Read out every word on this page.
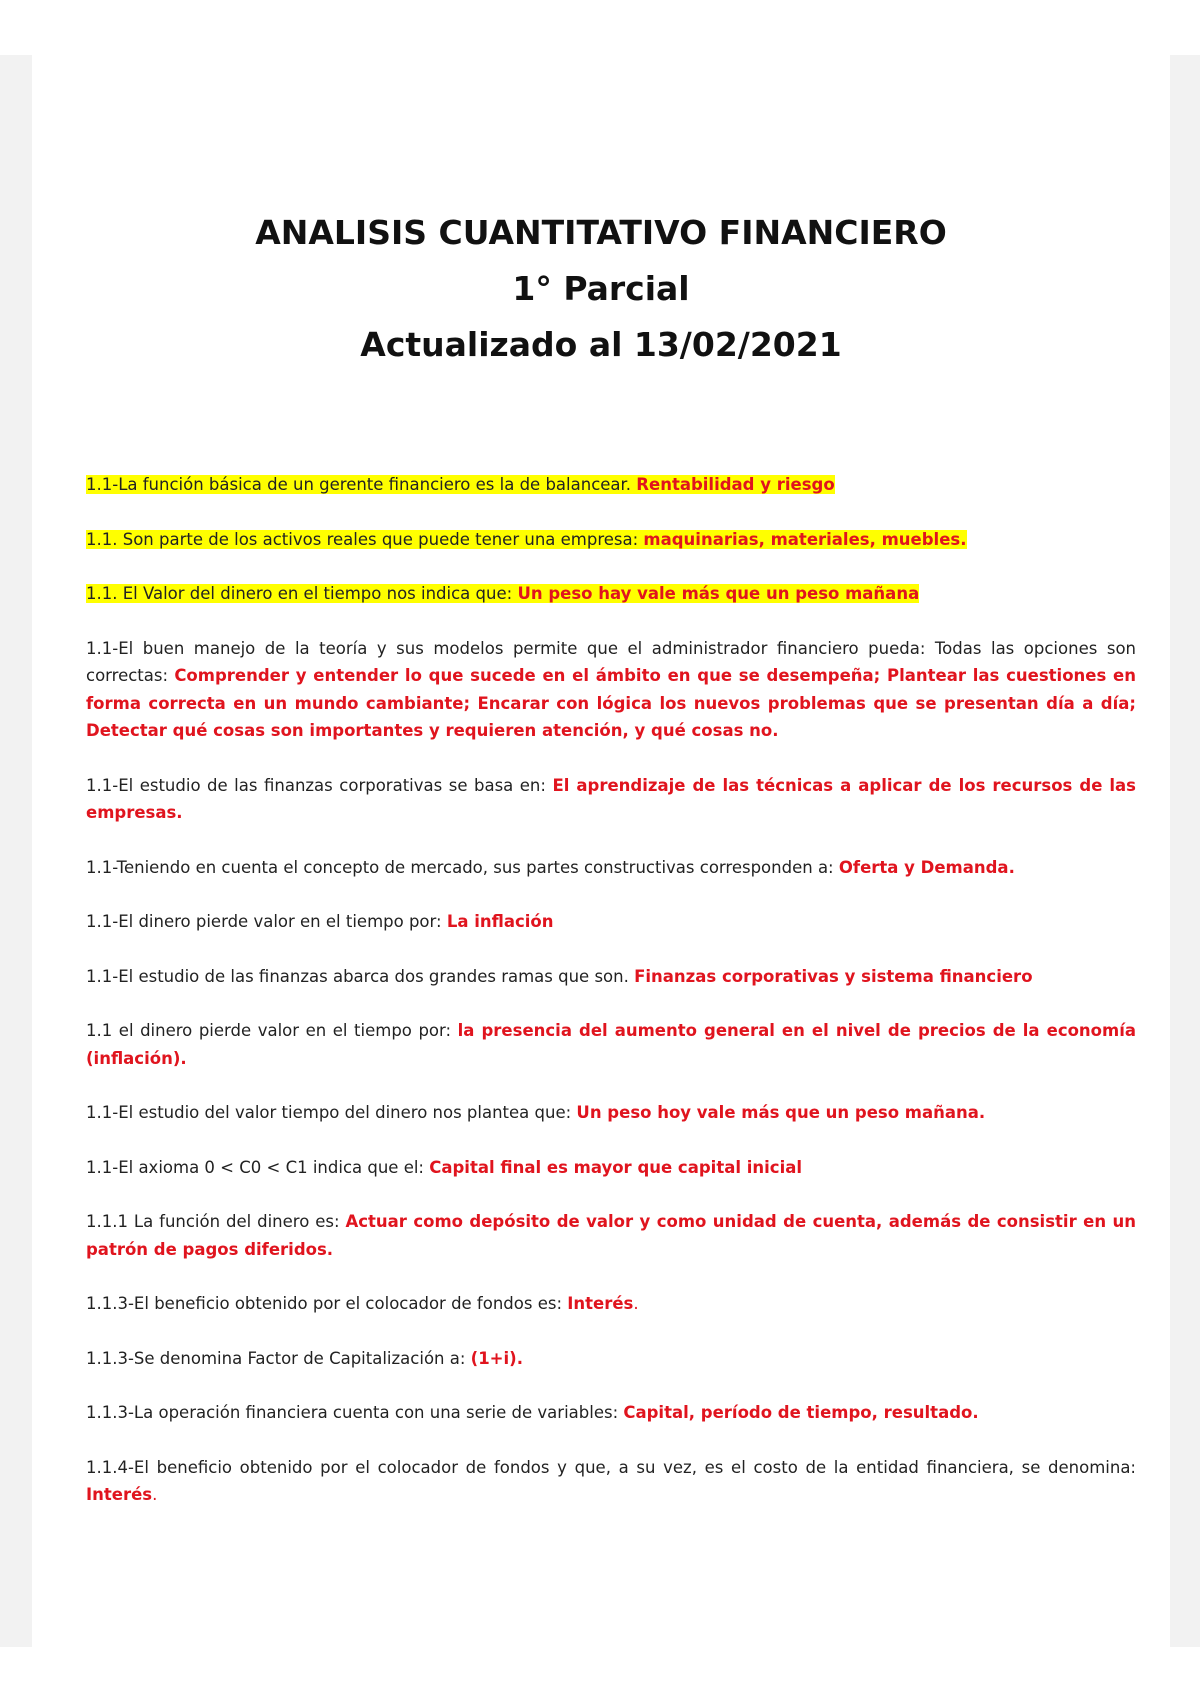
ANALISIS CUANTITATIVO FINANCIERO
1° Parcial
Actualizado al 13/02/2021

1.1-La función básica de un gerente financiero es la de balancear. Rentabilidad y riesgo

1.1. Son parte de los activos reales que puede tener una empresa: maquinarias, materiales, muebles.

1.1. El Valor del dinero en el tiempo nos indica que: Un peso hay vale más que un peso mañana

1.1-El buen manejo de la teoría y sus modelos permite que el administrador financiero pueda: Todas las opciones son correctas: Comprender y entender lo que sucede en el ámbito en que se desempeña; Plantear las cuestiones en forma correcta en un mundo cambiante; Encarar con lógica los nuevos problemas que se presentan día a día; Detectar qué cosas son importantes y requieren atención, y qué cosas no.

1.1-El estudio de las finanzas corporativas se basa en: El aprendizaje de las técnicas a aplicar de los recursos de las empresas.

1.1-Teniendo en cuenta el concepto de mercado, sus partes constructivas corresponden a: Oferta y Demanda.

1.1-El dinero pierde valor en el tiempo por: La inflación

1.1-El estudio de las finanzas abarca dos grandes ramas que son. Finanzas corporativas y sistema financiero

1.1 el dinero pierde valor en el tiempo por: la presencia del aumento general en el nivel de precios de la economía (inflación).

1.1-El estudio del valor tiempo del dinero nos plantea que: Un peso hoy vale más que un peso mañana.

1.1-El axioma 0 < C0 < C1 indica que el: Capital final es mayor que capital inicial

1.1.1 La función del dinero es: Actuar como depósito de valor y como unidad de cuenta, además de consistir en un patrón de pagos diferidos.

1.1.3-El beneficio obtenido por el colocador de fondos es: Interés.

1.1.3-Se denomina Factor de Capitalización a: (1+i).

1.1.3-La operación financiera cuenta con una serie de variables: Capital, período de tiempo, resultado.

1.1.4-El beneficio obtenido por el colocador de fondos y que, a su vez, es el costo de la entidad financiera, se denomina: Interés.
